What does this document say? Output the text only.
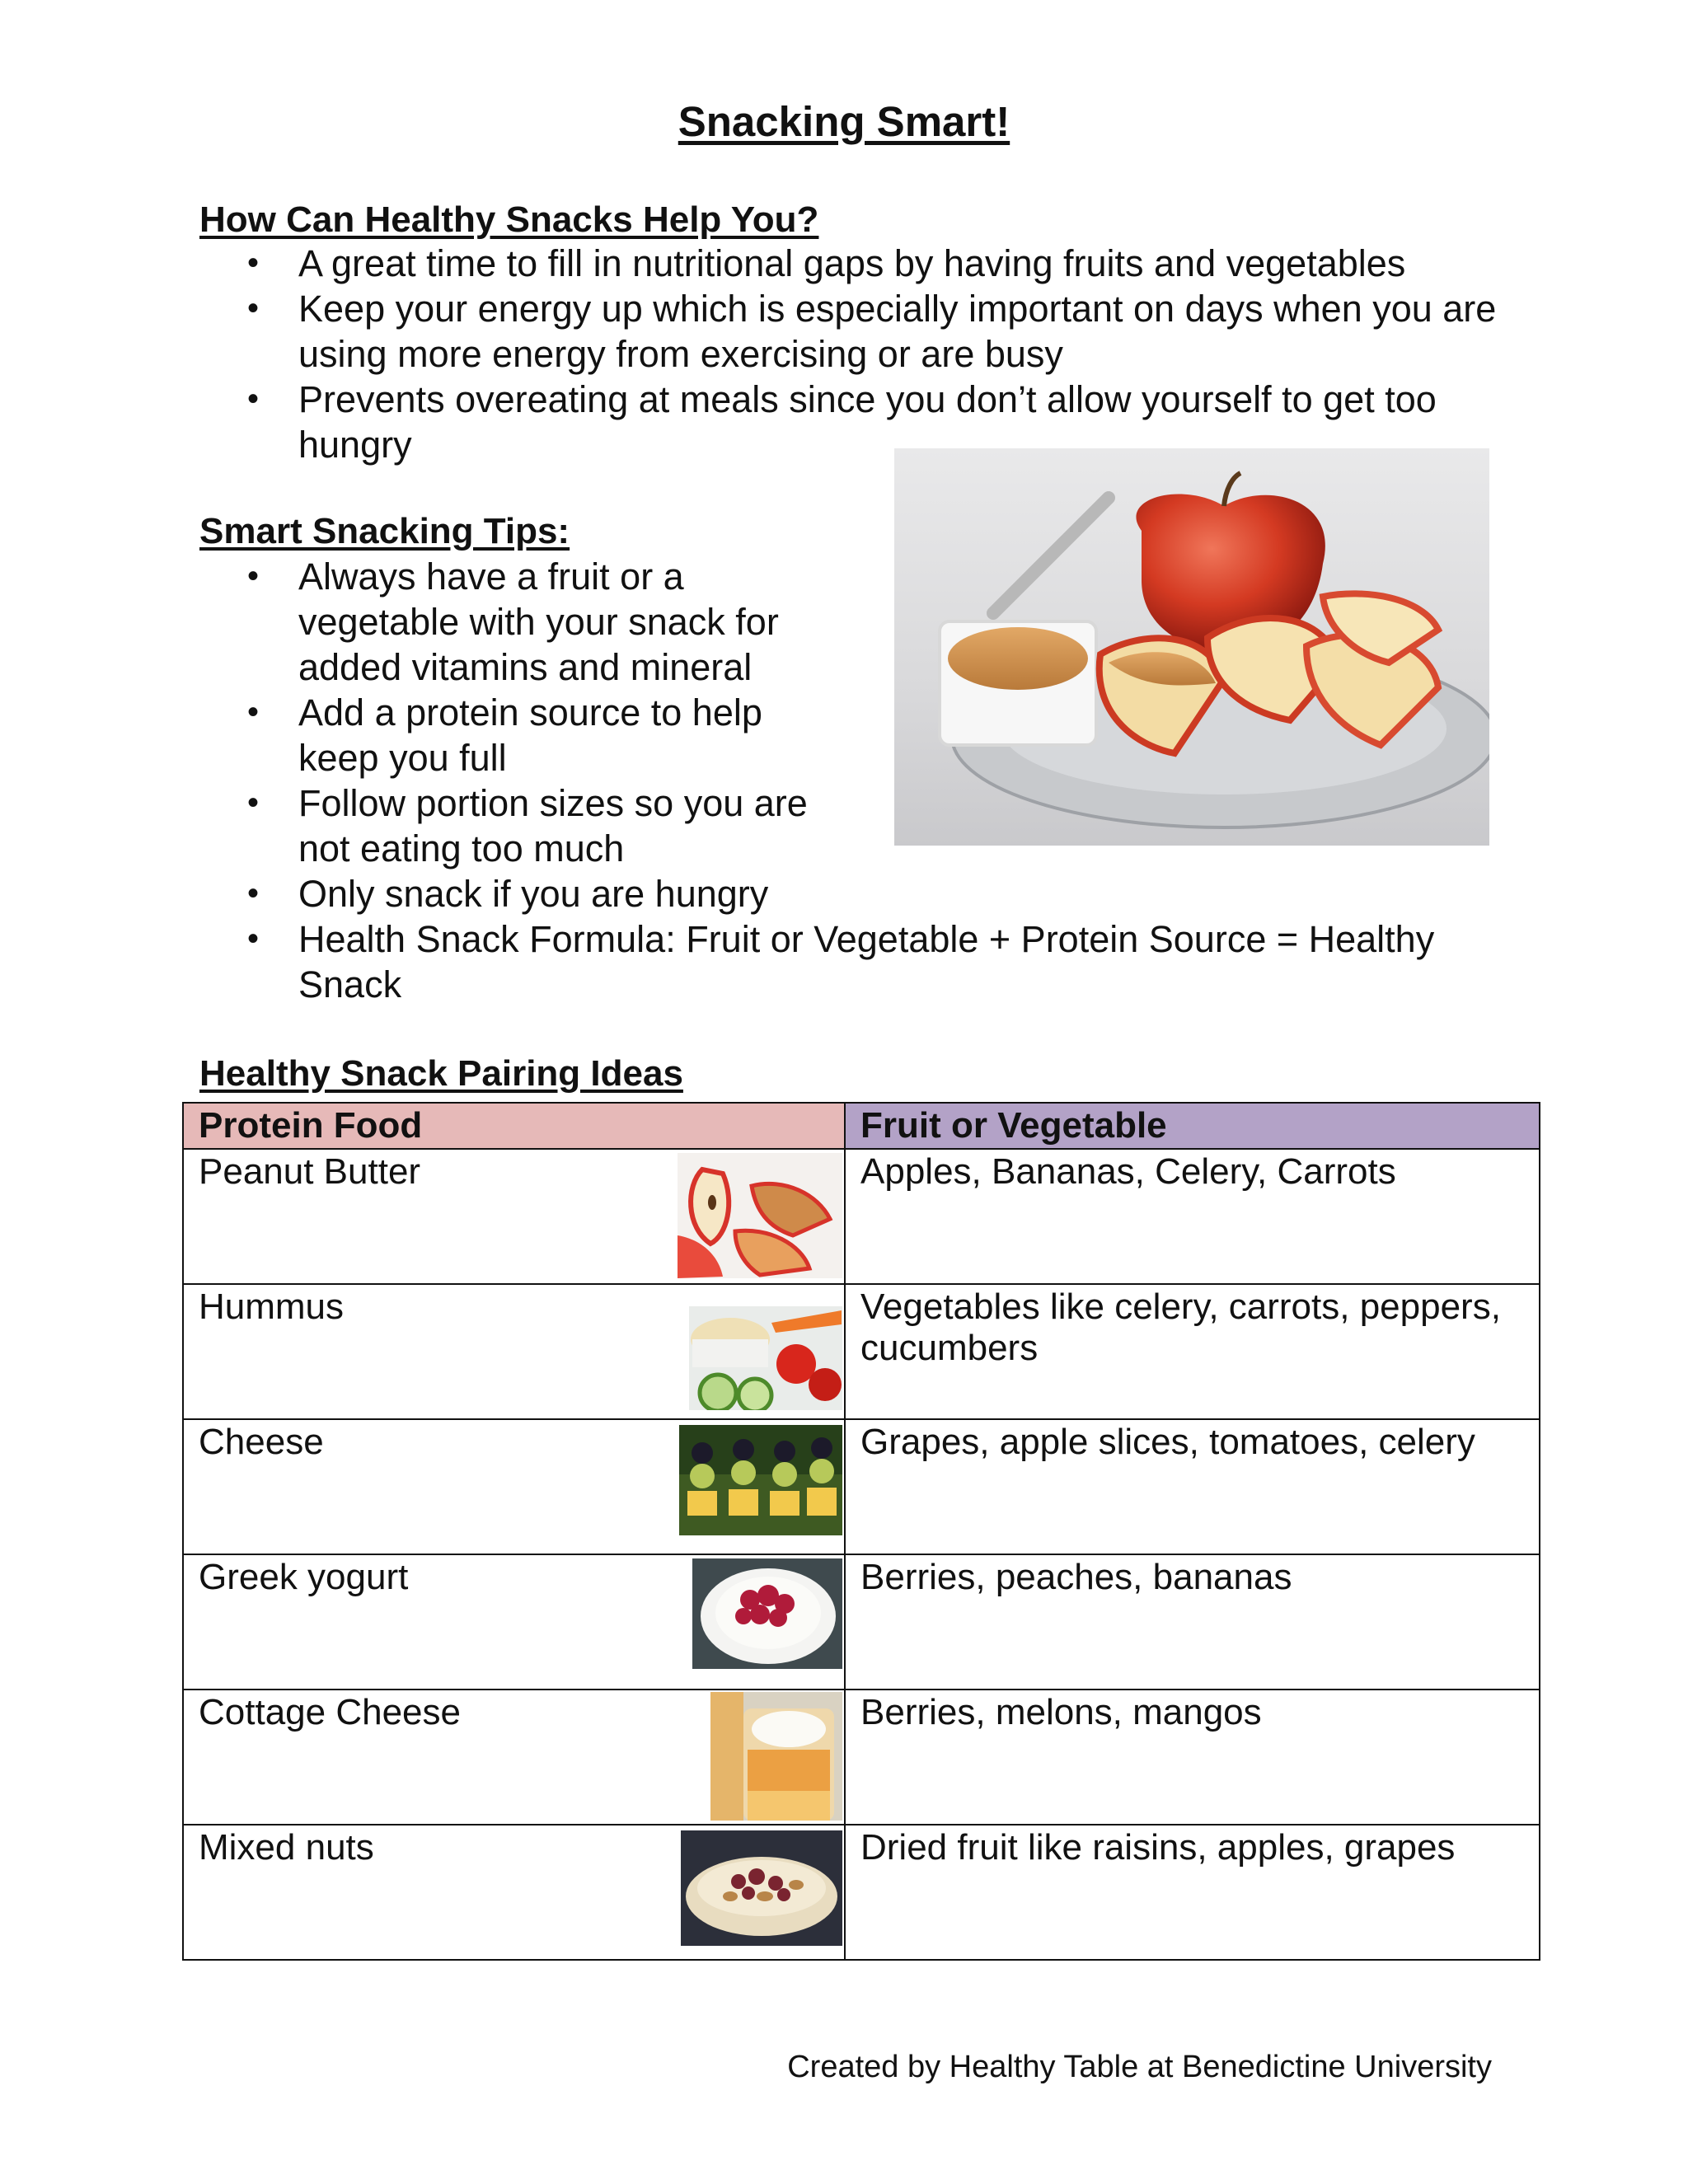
Snacking Smart!
How Can Healthy Snacks Help You?
• A great time to fill in nutritional gaps by having fruits and vegetables
• Keep your energy up which is especially important on days when you are using more energy from exercising or are busy
• Prevents overeating at meals since you don’t allow yourself to get too hungry
Smart Snacking Tips:
• Always have a fruit or a vegetable with your snack for added vitamins and mineral
• Add a protein source to help keep you full
• Follow portion sizes so you are not eating too much
• Only snack if you are hungry
• Health Snack Formula: Fruit or Vegetable + Protein Source = Healthy Snack
Healthy Snack Pairing Ideas
Protein Food	Fruit or Vegetable
Peanut Butter	Apples, Bananas, Celery, Carrots
Hummus	Vegetables like celery, carrots, peppers, cucumbers
Cheese	Grapes, apple slices, tomatoes, celery
Greek yogurt	Berries, peaches, bananas
Cottage Cheese	Berries, melons, mangos
Mixed nuts	Dried fruit like raisins, apples, grapes
Created by Healthy Table at Benedictine University
